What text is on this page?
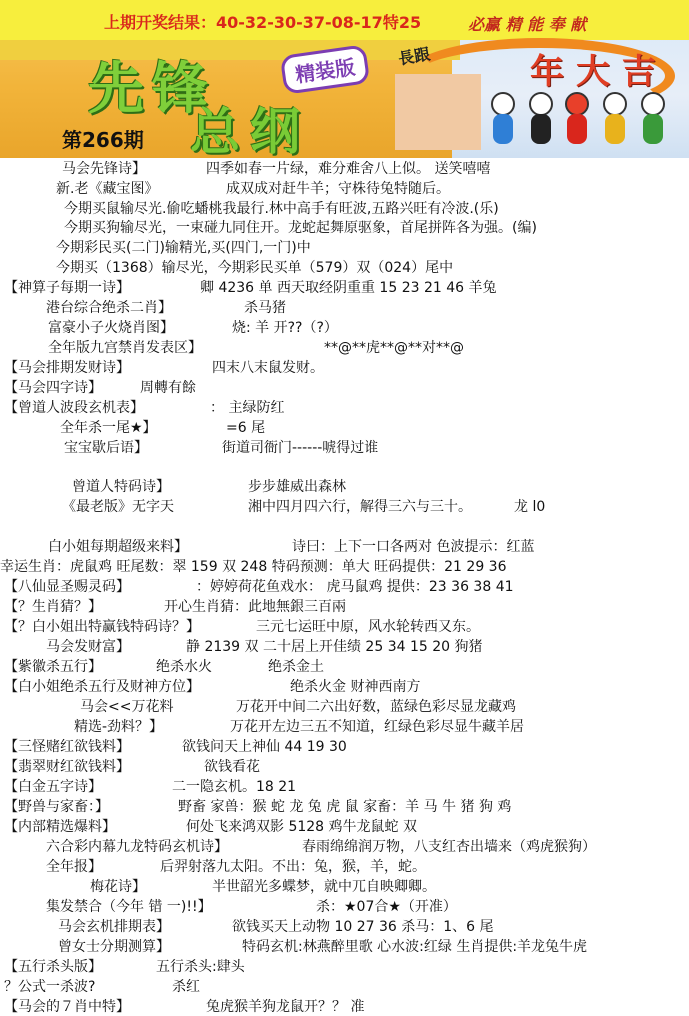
上期开奖结果：40-32-30-37-08-17特25
先锋
总纲
精装版	長跟
必赢 精 能 奉 献
年 大 吉
第266期
马会先锋诗】	四季如春一片绿，难分难舍八上似。 送笑嘻嘻
新.老《藏宝图》	成双成对赶牛羊；守株待兔特随后。
今期买鼠输尽光.偷吃蟠桃我最行.林中高手有旺波,五路兴旺有冷波.(乐)
今期买狗输尽光，一束碰九同住开。龙蛇起舞原驱象，首尾拼阵各为强。(编)
今期彩民买(二门)输精光,买(四门,一门)中
今期买（1368）输尽光，今期彩民买单（579）双（024）尾中
【神算子每期一诗】	卿 4236 单 西天取经阴重重 15 23 21 46 羊兔
港台综合绝杀二肖】	杀马猪
富豪小子火烧肖图】	烧: 羊 开??（?）
全年版九宫禁肖发表区】	**@**虎**@**对**@
【马会排期发财诗】	四末八末鼠发财。
【马会四字诗】	周轉有餘
【曾道人波段玄机表】	： 主绿防红
全年杀一尾★】	=6 尾
宝宝歇后语】	街道司衙门------唬得过谁
曾道人特码诗】	步步雄威出森林
《最老版》无字天	湘中四月四六行，解得三六与三十。	龙 l0
白小姐每期超级来料】	诗曰：上下一口各两对 色波提示：红蓝
幸运生肖：虎鼠鸡 旺尾数：翠 159 双 248 特码预测：单大 旺码提供：21 29 36
【八仙显圣赐灵码】	：婷婷荷花鱼戏水： 虎马鼠鸡 提供：23 36 38 41
【？生肖猜？】	开心生肖猜：此地無銀三百兩
【？白小姐出特赢钱特码诗？】	三元七运旺中原，风水轮转西又东。
马会发财富】	静 2139 双 二十居上开佳绩 25 34 15 20 狗猪
【紫徽杀五行】	绝杀水火	绝杀金土
【白小姐绝杀五行及财神方位】	绝杀火金 财神西南方
马会<<万花料	万花开中间二六出好数，蓝绿色彩尽显龙藏鸡
精选-劲料？】	万花开左边三五不知道，红绿色彩尽显牛藏羊居
【三怪赌红欲钱料】	欲钱问天上神仙 44 19 30
【翡翠财红欲钱料】	欲钱看花
【白金五字诗】	二一隐玄机。18 21
【野兽与家畜：】	野畜 家兽：猴 蛇 龙 兔 虎 鼠 家畜：羊 马 牛 猪 狗 鸡
【内部精选爆料】	何处飞来鸿双影 5128 鸡牛龙鼠蛇 双
六合彩内幕九龙特码玄机诗】	春雨绵绵润万物，八支红杏出墙来（鸡虎猴狗）
全年报】	后羿射落九太阳。不出：兔，猴，羊，蛇。
梅花诗】	半世韶光多蝶梦，就中兀自映卿卿。
集发禁合（今年 错 一)!!】	杀：★07合★（开准）
马会玄机排期表】	欲钱买天上动物 10 27 36 杀马：1、6 尾
曾女士分期测算】	特码玄机:林燕醉里歌 心水波:红绿 生肖提供:羊龙兔牛虎
【五行杀头版】	五行杀头:肆头
？公式一杀波?	杀红
【马会的７肖中特】	兔虎猴羊狗龙鼠开？？ 准
